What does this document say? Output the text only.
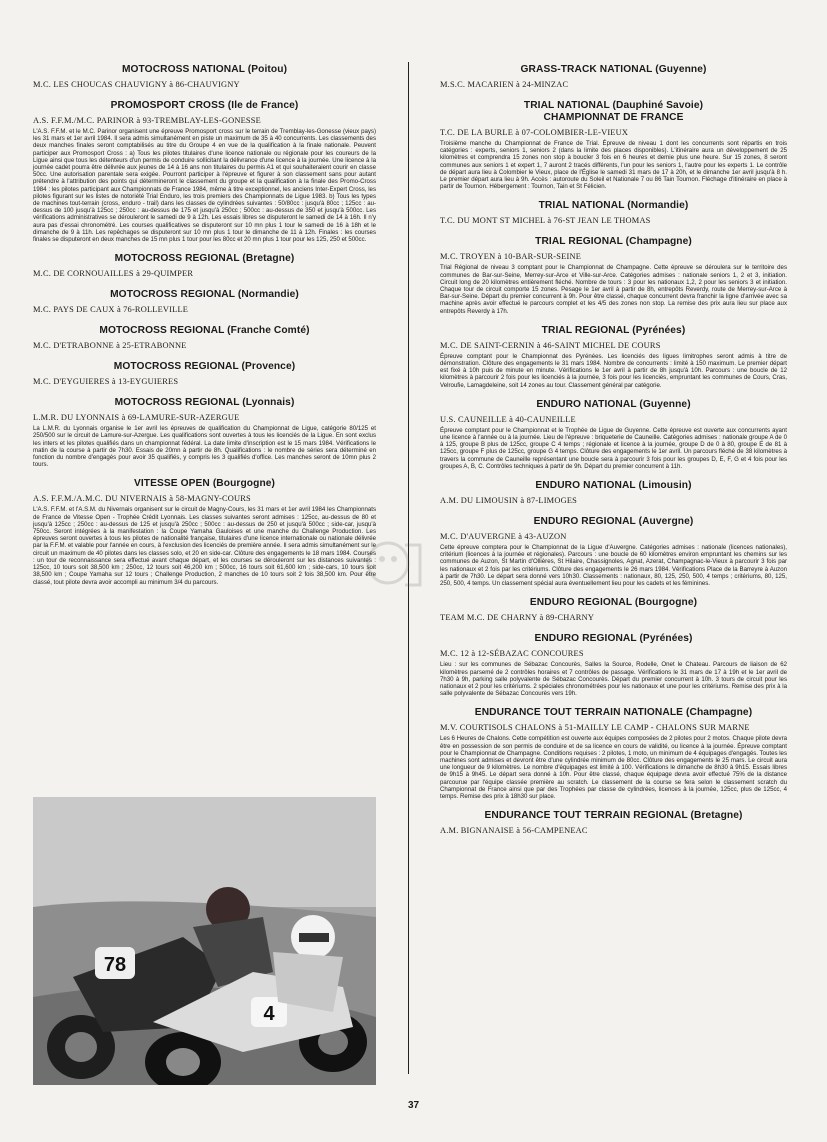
MOTOCROSS NATIONAL (Poitou)
M.C. LES CHOUCAS CHAUVIGNY à 86-CHAUVIGNY
PROMOSPORT CROSS (Ile de France)
A.S. F.F.M./M.C. PARINOR à 93-TREMBLAY-LES-GONESSE

L'A.S. F.F.M. et le M.C. Parinor organisent une épreuve Promosport cross sur le terrain de Tremblay-les-Gonesse (vieux pays) les 31 mars et 1er avril 1984. Il sera admis simultanément en piste un maximum de 35 à 40 concurrents. Les classements des deux manches finales seront comptabilisés au titre du Groupe 4 en vue de la qualification à la finale nationale. Peuvent participer aux Promosport Cross : a) Tous les pilotes titulaires d'une licence nationale ou régionale pour les coureurs de la Ligue ainsi que tous les détenteurs d'un permis de conduire sollicitant la délivrance d'une licence à la journée. Une licence à la journée cadet pourra être délivrée aux jeunes de 14 à 16 ans non titulaires du permis A1 et qui souhaiteraient courir en classe 50cc. Une autorisation parentale sera exigée. Pourront participer à l'épreuve et figurer à son classement sans pour autant prétendre à l'attribution des points qui détermineront le classement du groupe et la qualification à la finale des Promo-Cross 1984 : les pilotes participant aux Championnats de France 1984, même à titre exceptionnel, les anciens Inter-Expert Cross, les pilotes figurant sur les listes de notoriété Trial Enduro, les trois premiers des Championnats de Ligue 1983. b) Tous les types de machines tout-terrain (cross, enduro - trail) dans les classes de cylindrées suivantes : 50/80cc : jusqu'à 80cc ; 125cc : au-dessus de 100 jusqu'à 125cc ; 250cc : au-dessus de 175 et jusqu'à 250cc ; 500cc : au-dessus de 350 et jusqu'à 500cc. Les vérifications administratives se dérouleront le samedi de 9 à 12h. Les essais libres se disputeront le samedi de 14 à 16h. Il n'y aura pas d'essai chronométré. Les courses qualificatives se disputeront sur 10 mn plus 1 tour le samedi de 16 à 18h et le dimanche de 9 à 11h. Les repêchages se disputeront sur 10 mn plus 1 tour le dimanche de 11 à 12h. Finales : les courses finales se disputeront en deux manches de 15 mn plus 1 tour pour les 80cc et 20 mn plus 1 tour pour les 125, 250 et 500cc.

MOTOCROSS REGIONAL (Bretagne)
M.C. DE CORNOUAILLES à 29-QUIMPER
MOTOCROSS REGIONAL (Normandie)
M.C. PAYS DE CAUX à 76-ROLLEVILLE
MOTOCROSS REGIONAL (Franche Comté)
M.C. D'ETRABONNE à 25-ETRABONNE
MOTOCROSS REGIONAL (Provence)
M.C. D'EYGUIERES à 13-EYGUIERES
MOTOCROSS REGIONAL (Lyonnais)
L.M.R. DU LYONNAIS à 69-LAMURE-SUR-AZERGUE

La L.M.R. du Lyonnais organise le 1er avril les épreuves de qualification du Championnat de Ligue, catégorie 80/125 et 250/500 sur le circuit de Lamure-sur-Azergue. Les qualifications sont ouvertes à tous les licenciés de la Ligue. En sont exclus les inters et les pilotes qualifiés dans un championnat fédéral. La date limite d'inscription est le 15 mars 1984. Vérifications le matin de la course à partir de 7h30. Essais de 20mn à partir de 8h. Qualifications : le nombre de séries sera déterminé en fonction du nombre d'engagés pour avoir 35 qualifiés, y compris les 3 qualifiés d'office. Les manches seront de 10mn plus 2 tours.

VITESSE OPEN (Bourgogne)
A.S. F.F.M./A.M.C. DU NIVERNAIS à 58-MAGNY-COURS

L'A.S. F.F.M. et l'A.S.M. du Nivernais organisent sur le circuit de Magny-Cours, les 31 mars et 1er avril 1984 les Championnats de France de Vitesse Open - Trophée Crédit Lyonnais. Les classes suivantes seront admises : 125cc, au-dessus de 80 et jusqu'à 125cc ; 250cc : au-dessus de 125 et jusqu'à 250cc ; 500cc : au-dessus de 250 et jusqu'à 500cc ; side-car, jusqu'à 750cc. Seront intégrées à la manifestation : la Coupe Yamaha Gauloises et une manche du Challenge Production. Les épreuves seront ouvertes à tous les pilotes de nationalité française, titulaires d'une licence internationale ou nationale délivrée par la F.F.M. et valable pour l'année en cours, à l'exclusion des licenciés de première année. Il sera admis simultanément sur le circuit un maximum de 40 pilotes dans les classes solo, et 20 en side-car. Clôture des engagements le 18 mars 1984. Courses : un tour de reconnaissance sera effectué avant chaque départ, et les courses se dérouleront sur les distances suivantes : 125cc, 10 tours soit 38,500 km ; 250cc, 12 tours soit 46,200 km ; 500cc, 16 tours soit 61,600 km ; side-cars, 10 tours soit 38,500 km ; Coupe Yamaha sur 12 tours ; Challenge Production, 2 manches de 10 tours soit 2 fois 38,500 km. Pour être classé, tout pilote devra avoir accompli au minimum 3/4 du parcours.

GRASS-TRACK NATIONAL (Guyenne)
M.S.C. MACARIEN à 24-MINZAC
TRIAL NATIONAL (Dauphiné Savoie)
CHAMPIONNAT DE FRANCE
T.C. DE LA BURLE à 07-COLOMBIER-LE-VIEUX

Troisième manche du Championnat de France de Trial. Épreuve de niveau 1 dont les concurrents sont répartis en trois catégories : experts, seniors 1, seniors 2 (dans la limite des places disponibles). L'itinéraire aura un développement de 25 kilomètres et comprendra 15 zones non stop à boucler 3 fois en 6 heures et demie plus une heure. Sur 15 zones, 8 seront communes aux seniors 1 et expert 1, 7 auront 2 tracés différents, l'un pour les seniors 1, l'autre pour les experts 1. Le contrôle de départ aura lieu à Colombier le Vieux, place de l'Église le samedi 31 mars de 17 à 20h, et le dimanche 1er avril jusqu'à 8 h. Le premier départ aura lieu à 9h. Accès : autoroute du Soleil et Nationale 7 ou 86 Tain Tournon. Fléchage d'itinéraire en place à partir de Tournon. Hébergement : Tournon, Tain et St Félicien.

TRIAL NATIONAL (Normandie)
T.C. DU MONT ST MICHEL à 76-ST JEAN LE THOMAS
TRIAL REGIONAL (Champagne)
M.C. TROYEN à 10-BAR-SUR-SEINE

Trial Régional de niveau 3 comptant pour le Championnat de Champagne. Cette épreuve se déroulera sur le territoire des communes de Bar-sur-Seine, Merrey-sur-Arce et Ville-sur-Arce. Catégories admises : nationale seniors 1, 2 et 3, initiation. Circuit long de 20 kilomètres entièrement fléché. Nombre de tours : 3 pour les nationaux 1,2, 2 pour les seniors 3 et initiation. Chaque tour de circuit comporte 15 zones. Pesage le 1er avril à partir de 8h, entrepôts Reverdy, route de Merrey-sur-Arce à Bar-sur-Seine. Départ du premier concurrent à 9h. Pour être classé, chaque concurrent devra franchir la ligne d'arrivée avec sa machine après avoir effectué le parcours complet et les 4/5 des zones non stop. La remise des prix aura lieu sur place aux entrepôts Reverdy à 17h.

TRIAL REGIONAL (Pyrénées)
M.C. DE SAINT-CERNIN à 46-SAINT MICHEL DE COURS

Épreuve comptant pour le Championnat des Pyrénées. Les licenciés des ligues limitrophes seront admis à titre de démonstration. Clôture des engagements le 31 mars 1984. Nombre de concurrents : limité à 150 maximum. Le premier départ est fixé à 10h puis de minute en minute. Vérifications le 1er avril à partir de 8h jusqu'à 10h. Parcours : une boucle de 12 kilomètres à parcourir 2 fois pour les licenciés à la journée, 3 fois pour les licenciés, empruntant les communes de Cours, Cras, Velroufie, Lamagdeleine, soit 14 zones au tour. Classement général par catégorie.

ENDURO NATIONAL (Guyenne)
U.S. CAUNEILLE à 40-CAUNEILLE

Épreuve comptant pour le Championnat et le Trophée de Ligue de Guyenne. Cette épreuve est ouverte aux concurrents ayant une licence à l'année ou à la journée. Lieu de l'épreuve : briqueterie de Cauneille. Catégories admises : nationale groupe A de 0 à 125, groupe B plus de 125cc, groupe C 4 temps ; régionale et licence à la journée, groupe D de 0 à 80, groupe E de 81 à 125cc, groupe F plus de 125cc, groupe G 4 temps. Clôture des engagements le 1er avril. Un parcours fléché de 38 kilomètres à travers la commune de Cauneille représentant une boucle sera à parcourir 3 fois pour les groupes D, E, F, G et 4 fois pour les groupes A, B, C. Contrôles techniques à partir de 9h. Départ du premier concurrent à 11h.

ENDURO NATIONAL (Limousin)
A.M. DU LIMOUSIN à 87-LIMOGES
ENDURO REGIONAL (Auvergne)
M.C. D'AUVERGNE à 43-AUZON

Cette épreuve comptera pour le Championnat de la Ligue d'Auvergne. Catégories admises : nationale (licences nationales), critérium (licences à la journée et régionales). Parcours : une boucle de 60 kilomètres environ empruntant les chemins sur les communes de Auzon, St Martin d'Ollières, St Hilaire, Chassignoles, Agnat, Azerat, Champagnac-le-Vieux à parcourir 3 fois par les nationaux et 2 fois par les critériums. Clôture des engagements le 26 mars 1984. Vérifications Place de la Barreyre à Auzon à partir de 7h30. Le départ sera donné vers 10h30. Classements : nationaux, 80, 125, 250, 500, 4 temps ; critériums, 80, 125, 250, 500, 4 temps. Un classement spécial aura éventuellement lieu pour les cadets et les féminines.

ENDURO REGIONAL (Bourgogne)
TEAM M.C. DE CHARNY à 89-CHARNY
ENDURO REGIONAL (Pyrénées)
M.C. 12 à 12-SÉBAZAC CONCOURES

Lieu : sur les communes de Sébazac Concourès, Salles la Source, Rodelle, Onet le Chateau. Parcours de liaison de 62 kilomètres parsemé de 2 contrôles horaires et 7 contrôles de passage. Vérifications le 31 mars de 17 à 19h et le 1er avril de 7h30 à 9h, parking salle polyvalente de Sébazac Concourès. Départ du premier concurrent à 10h. 3 tours de circuit pour les nationaux et 2 pour les critériums. 2 spéciales chronométrées pour les nationaux et une pour les critériums. Remise des prix à la salle polyvalente de Sébazac Concourès vers 19h.

ENDURANCE TOUT TERRAIN NATIONALE (Champagne)
M.V. COURTISOLS CHALONS à 51-MAILLY LE CAMP - CHALONS SUR MARNE

Les 6 Heures de Chalons. Cette compétition est ouverte aux équipes composées de 2 pilotes pour 2 motos. Chaque pilote devra être en possession de son permis de conduire et de sa licence en cours de validité, ou licence à la journée. Épreuve comptant pour le Championnat de Champagne. Conditions requises : 2 pilotes, 1 moto, un minimum de 4 équipages d'engagés. Toutes les machines sont admises et devront être d'une cylindrée minimum de 80cc. Clôture des engagements le 25 mars. Le circuit aura une longueur de 9 kilomètres. Le nombre d'équipages est limité à 100. Vérifications le dimanche de 8h30 à 9h15. Essais libres de 9h15 à 9h45. Le départ sera donné à 10h. Pour être classé, chaque équipage devra avoir effectué 75% de la distance parcourue par l'équipe classée première au scratch. Le classement de la course se fera selon le classement scratch du Championnat de France ainsi que par des Trophées par classe de cylindrées, licences à la journée, 125cc, plus de 125cc, 4 temps. Remise des prix à 18h30 sur place.

ENDURANCE TOUT TERRAIN REGIONAL (Bretagne)
A.M. BIGNANAISE à 56-CAMPENEAC
78
4
37
